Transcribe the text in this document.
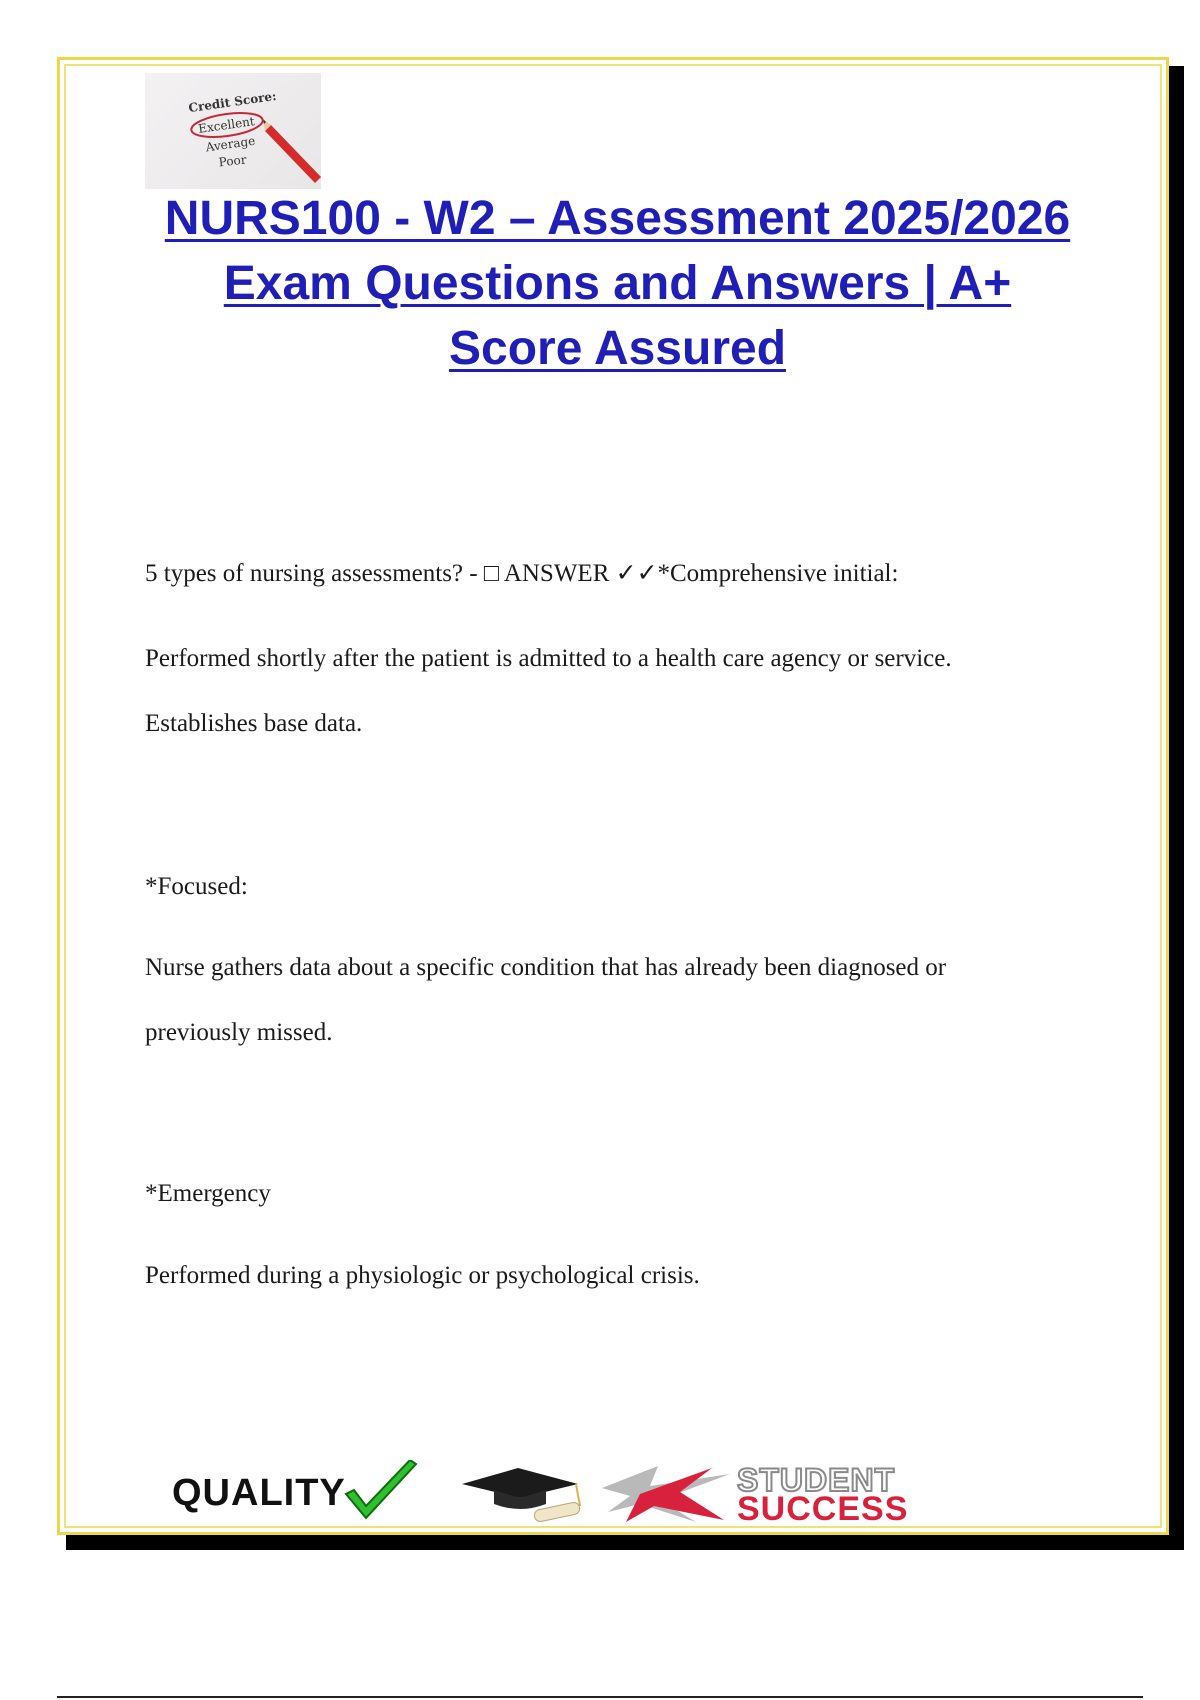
Credit Score:
Excellent
Average
Poor
NURS100 - W2 – Assessment 2025/2026
Exam Questions and Answers | A+
Score Assured
5 types of nursing assessments? - □ ANSWER ✓✓*Comprehensive initial:
Performed shortly after the patient is admitted to a health care agency or service.
Establishes base data.
*Focused:
Nurse gathers data about a specific condition that has already been diagnosed or
previously missed.
*Emergency
Performed during a physiologic or psychological crisis.
QUALITY	STUDENT
SUCCESS
